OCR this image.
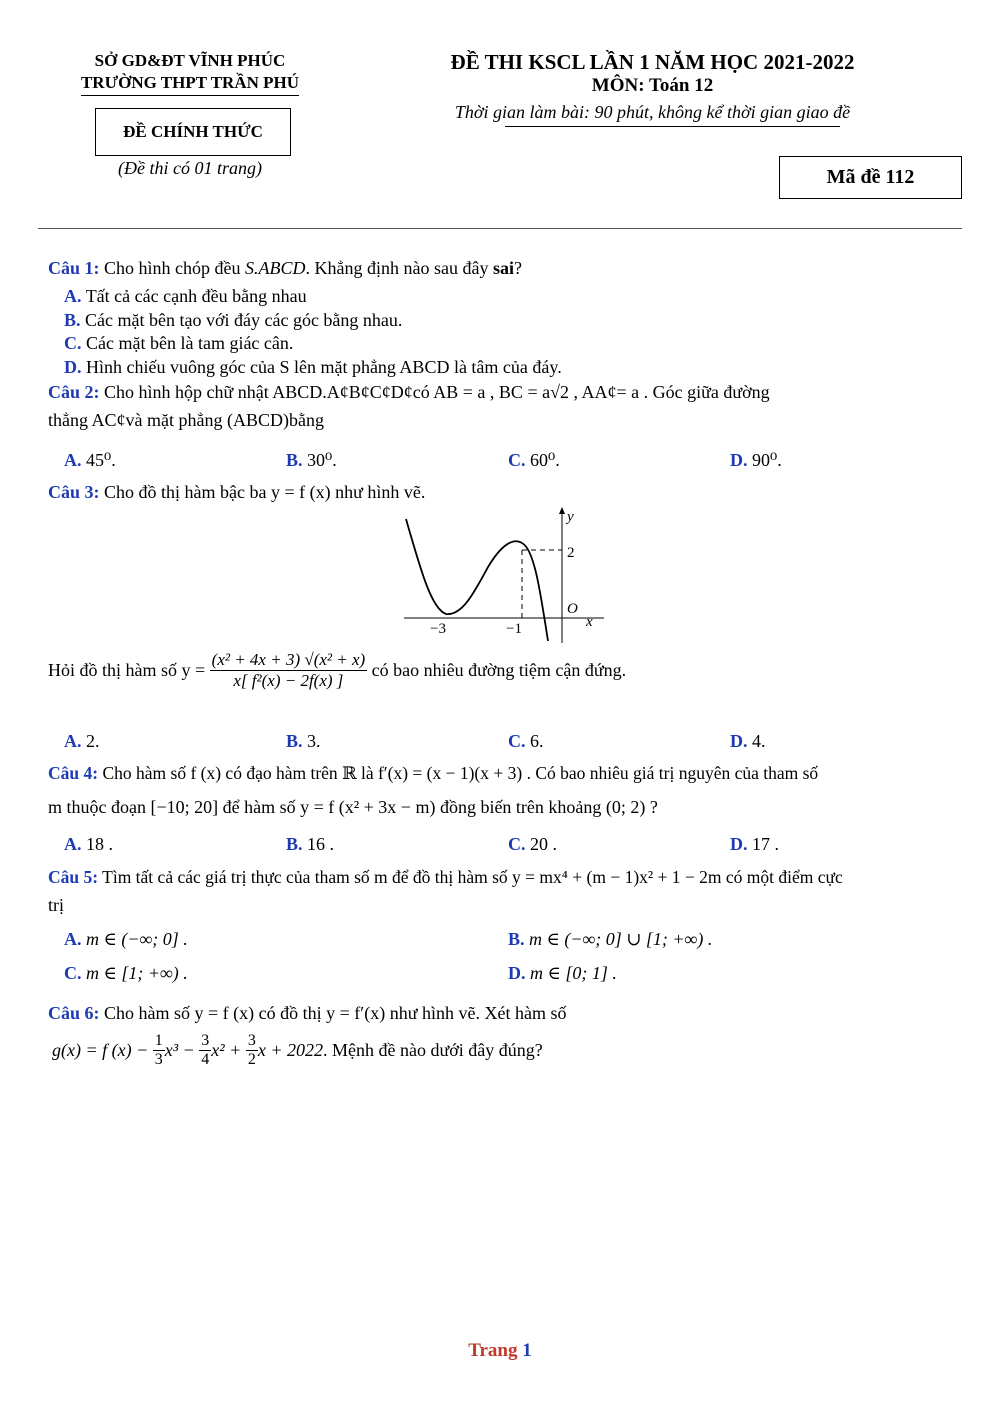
SỞ GD&ĐT VĨNH PHÚC
TRƯỜNG THPT TRẦN PHÚ
ĐỀ CHÍNH THỨC
(Đề thi có 01 trang)
ĐỀ THI KSCL LẦN 1 NĂM HỌC 2021-2022
MÔN: Toán 12
Thời gian làm bài: 90 phút, không kể thời gian giao đề
Mã đề 112
Câu 1: Cho hình chóp đều S.ABCD. Khẳng định nào sau đây sai?
A. Tất cả các cạnh đều bằng nhau
B. Các mặt bên tạo với đáy các góc bằng nhau.
C. Các mặt bên là tam giác cân.
D. Hình chiếu vuông góc của S lên mặt phẳng ABCD là tâm của đáy.
Câu 2: Cho hình hộp chữ nhật ABCD.A¢B¢C¢D¢có AB = a , BC = a√2 , AA¢= a . Góc giữa đường
thẳng AC¢và mặt phẳng (ABCD)bằng
A. 45⁰.	B. 30⁰.	C. 60⁰.	D. 90⁰.
Câu 3: Cho đồ thị hàm bậc ba y = f (x) như hình vẽ.
y
2
O
x
−3	−1
Hỏi đồ thị hàm số $y = \frac{\text{(x² + 4x + 3) √(x² + x)}}{\text{x[ f²(x) − 2f(x) ]}}$ có bao nhiêu đường tiệm cận đứng.
A. 2.	B. 3.	C. 6.	D. 4.
Câu 4: Cho hàm số f (x) có đạo hàm trên ℝ là f′(x) = (x − 1)(x + 3) . Có bao nhiêu giá trị nguyên của tham số
m thuộc đoạn [−10; 20] để hàm số y = f (x² + 3x − m) đồng biến trên khoảng (0; 2) ?
A. 18 .	B. 16 .	C. 20 .	D. 17 .
Câu 5: Tìm tất cả các giá trị thực của tham số m để đồ thị hàm số y = mx⁴ + (m − 1)x² + 1 − 2m có một điểm cực
trị
A. m ∈ (−∞; 0] .	B. m ∈ (−∞; 0] ∪ [1; +∞) .
C. m ∈ [1; +∞) .	D. m ∈ [0; 1] .
Câu 6: Cho hàm số y = f (x) có đồ thị y = f′(x) như hình vẽ. Xét hàm số
g(x) = f $(x) - \frac{1}{3} x^3 - \frac{3}{4} x^2 + \frac{3}{2}$ x + 2022. Mệnh đề nào dưới đây đúng?
Trang 1
